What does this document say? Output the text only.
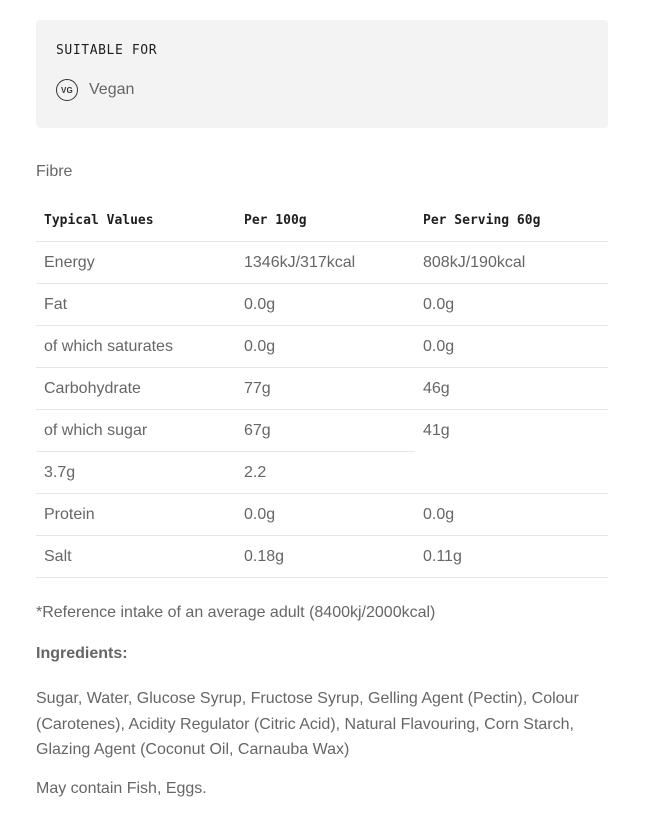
SUITABLE FOR
VG	Vegan
Fibre
Typical Values	Per 100g	Per Serving 60g
Energy	1346kJ/317kcal	808kJ/190kcal
Fat	0.0g	0.0g
of which saturates	0.0g	0.0g
Carbohydrate	77g	46g
of which sugar	67g	41g
3.7g	2.2	
Protein	0.0g	0.0g
Salt	0.18g	0.11g
*Reference intake of an average adult (8400kj/2000kcal)
Ingredients:
Sugar, Water, Glucose Syrup, Fructose Syrup, Gelling Agent (Pectin), Colour (Carotenes), Acidity Regulator (Citric Acid), Natural Flavouring, Corn Starch, Glazing Agent (Coconut Oil, Carnauba Wax)
May contain Fish, Eggs.
